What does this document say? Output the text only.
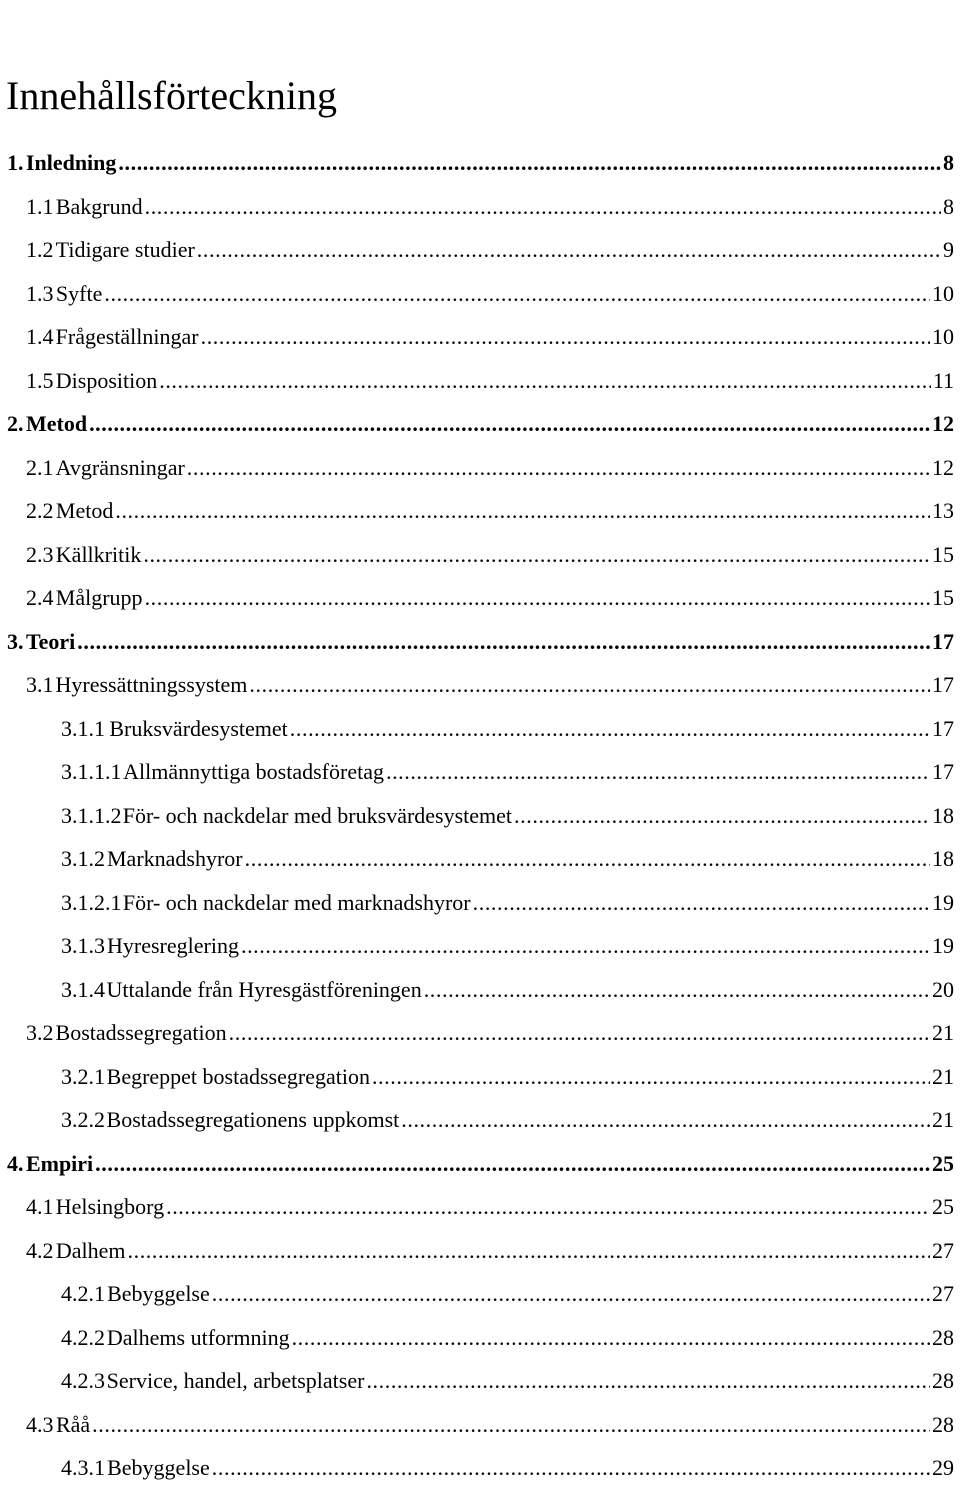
Innehållsförteckning
1. Inledning .....	8
1.1 Bakgrund .....	8
1.2 Tidigare studier .....	9
1.3 Syfte .....	10
1.4 Frågeställningar .....	10
1.5 Disposition .....	11
2. Metod .....	12
2.1 Avgränsningar .....	12
2.2 Metod .....	13
2.3 Källkritik .....	15
2.4 Målgrupp .....	15
3. Teori .....	17
3.1 Hyressättningssystem .....	17
3.1.1 Bruksvärdesystemet .....	17
3.1.1.1 Allmännyttiga bostadsföretag .....	17
3.1.1.2 För- och nackdelar med bruksvärdesystemet .....	18
3.1.2 Marknadshyror .....	18
3.1.2.1 För- och nackdelar med marknadshyror .....	19
3.1.3 Hyresreglering .....	19
3.1.4 Uttalande från Hyresgästföreningen .....	20
3.2 Bostadssegregation .....	21
3.2.1 Begreppet bostadssegregation .....	21
3.2.2 Bostadssegregationens uppkomst .....	21
4. Empiri .....	25
4.1 Helsingborg .....	25
4.2 Dalhem .....	27
4.2.1 Bebyggelse .....	27
4.2.2 Dalhems utformning .....	28
4.2.3 Service, handel, arbetsplatser .....	28
4.3 Råå .....	28
4.3.1 Bebyggelse .....	29
